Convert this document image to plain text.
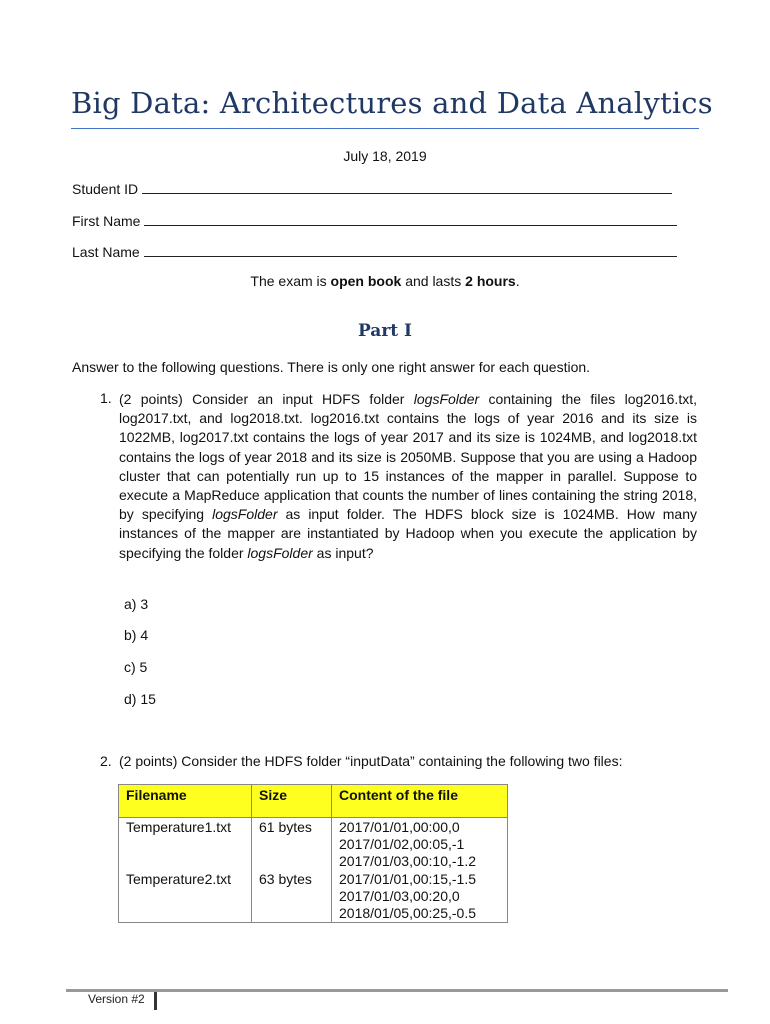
Big Data: Architectures and Data Analytics
July 18, 2019
Student ID
First Name
Last Name
The exam is open book and lasts 2 hours.
Part I
Answer to the following questions. There is only one right answer for each question.
1. (2 points) Consider an input HDFS folder logsFolder containing the files log2016.txt, log2017.txt, and log2018.txt. log2016.txt contains the logs of year 2016 and its size is 1022MB, log2017.txt contains the logs of year 2017 and its size is 1024MB, and log2018.txt contains the logs of year 2018 and its size is 2050MB. Suppose that you are using a Hadoop cluster that can potentially run up to 15 instances of the mapper in parallel. Suppose to execute a MapReduce application that counts the number of lines containing the string 2018, by specifying logsFolder as input folder. The HDFS block size is 1024MB. How many instances of the mapper are instantiated by Hadoop when you execute the application by specifying the folder logsFolder as input?
a) 3
b) 4
c) 5
d) 15
2. (2 points) Consider the HDFS folder “inputData” containing the following two files:
Filename	Size	Content of the file
Temperature1.txt	61 bytes	2017/01/01,00:00,0
2017/01/02,00:05,-1
2017/01/03,00:10,-1.2

Temperature2.txt	63 bytes	2017/01/01,00:15,-1.5
2017/01/03,00:20,0
2018/01/05,00:25,-0.5
Version #2
